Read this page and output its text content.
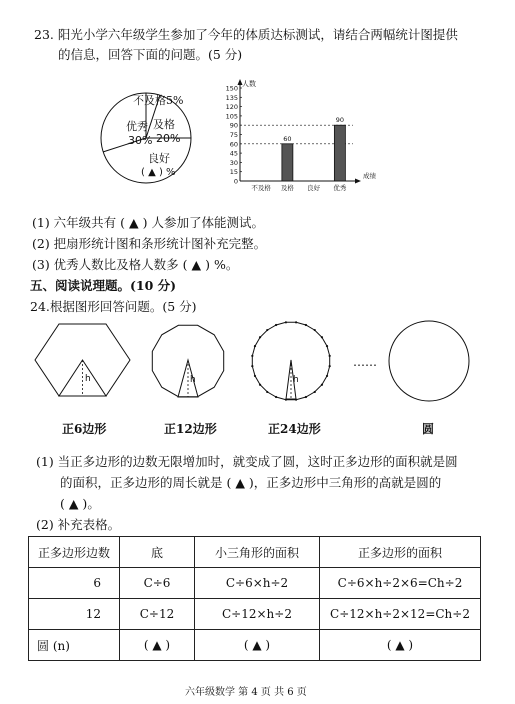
23. 阳光小学六年级学生参加了今年的体质达标测试，请结合两幅统计图提供
的信息，回答下面的问题。(5 分)
优秀
30%
及格
20%
良好
( ▲ ) %
不及格5%
人数
成绩
0
15
30
45
60
75
90
105
120
135
150
不及格
60
及格 良好
90
优秀
(1) 六年级共有 ( ▲ ) 人参加了体能测试。
(2) 把扇形统计图和条形统计图补充完整。
(3) 优秀人数比及格人数多 ( ▲ ) %。
五、阅读说理题。(10 分)
24.根据图形回答问题。(5 分)
h	h	h
……
正6边形	正12边形	正24边形	圆
(1) 当正多边形的边数无限增加时，就变成了圆，这时正多边形的面积就是圆
的面积，正多边形的周长就是 ( ▲ )，正多边形中三角形的高就是圆的
( ▲ )。
(2) 补充表格。
正多边形边数	底	小三角形的面积	正多边形的面积
6	C÷6	C÷6×h÷2	C÷6×h÷2×6=Ch÷2
12	C÷12	C÷12×h÷2	C÷12×h÷2×12=Ch÷2
圆 (n)	( ▲ )	( ▲ )	( ▲ )
六年级数学 第 4 页 共 6 页
